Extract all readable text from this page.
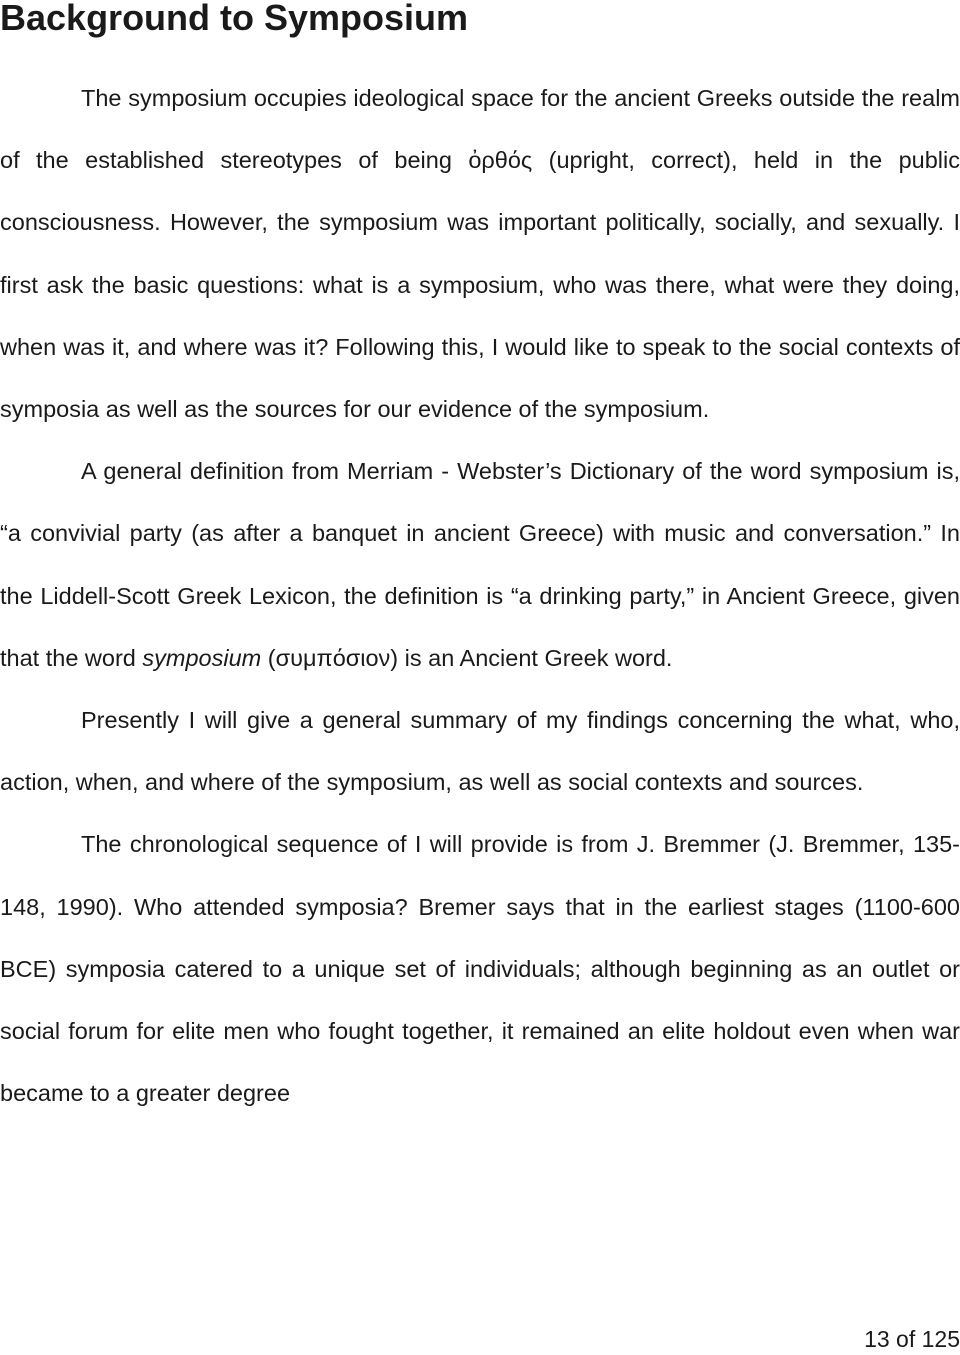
Background to Symposium

The symposium occupies ideological space for the ancient Greeks outside the realm of the established stereotypes of being ὀρθός (upright, correct), held in the public consciousness. However, the symposium was important politically, socially, and sexually. I first ask the basic questions: what is a symposium, who was there, what were they doing, when was it, and where was it? Following this, I would like to speak to the social contexts of symposia as well as the sources for our evidence of the symposium.

A general definition from Merriam - Webster’s Dictionary of the word symposium is, “a convivial party (as after a banquet in ancient Greece) with music and conversation.” In the Liddell-Scott Greek Lexicon, the definition is “a drinking party,” in Ancient Greece, given that the word symposium (συμπόσιον) is an Ancient Greek word.

Presently I will give a general summary of my findings concerning the what, who, action, when, and where of the symposium, as well as social contexts and sources.

The chronological sequence of I will provide is from J. Bremmer (J. Bremmer, 135-148, 1990). Who attended symposia? Bremer says that in the earliest stages (1100-600 BCE) symposia catered to a unique set of individuals; although beginning as an outlet or social forum for elite men who fought together, it remained an elite holdout even when war became to a greater degree

13 of 125
